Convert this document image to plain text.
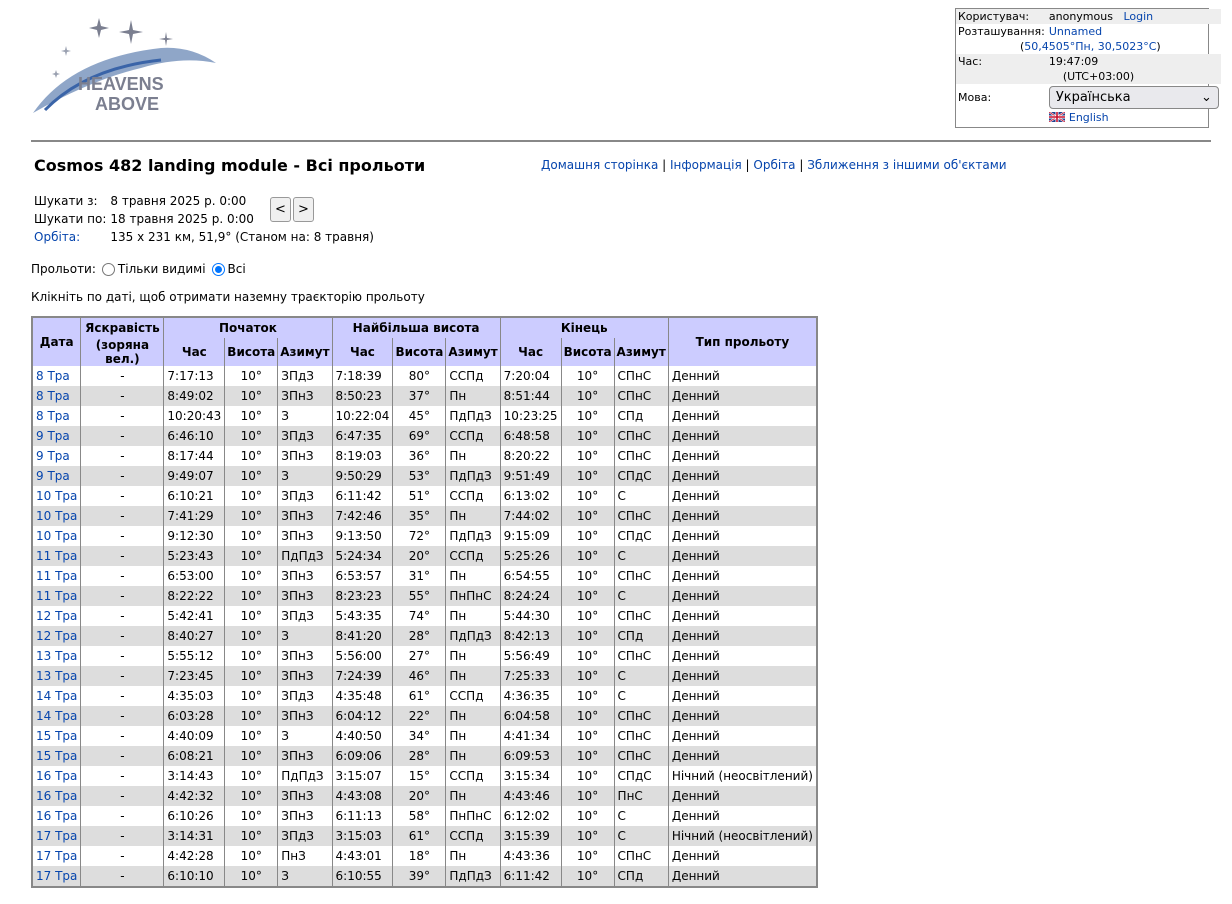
HEAVENS
ABOVE
Користувач:	anonymous Login
Розташування:	Unnamed
(50,4505°Пн, 30,5023°С)	
Час:	19:47:09
	(UTC+03:00)
Мова:	Українська ⌄

	English
Cosmos 482 landing module - Всі прольоти	Домашня сторінка | Інформація | Орбіта | Зближення з іншими об'єктами
Шукати з:	8 травня 2025 р. 0:00
Шукати по:	18 травня 2025 р. 0:00
Орбіта:	135 x 231 км, 51,9° (Станом на: 8 травня)
< >
Прольоти: Тільки видимі Всі
Клікніть по даті, щоб отримати наземну траєкторію прольоту
Дата	Яскравість	Початок			Найбільша висота			Кінець			Тип прольоту
	(зоряна вел.)	Час	Висота	Азимут	Час	Висота	Азимут	Час	Висота	Азимут	
8 Тра	-	7:17:13	10°	ЗПдЗ	7:18:39	80°	ССПд	7:20:04	10°	СПнС	Денний
8 Тра	-	8:49:02	10°	ЗПнЗ	8:50:23	37°	Пн	8:51:44	10°	СПнС	Денний
8 Тра	-	10:20:43	10°	З	10:22:04	45°	ПдПдЗ	10:23:25	10°	СПд	Денний
9 Тра	-	6:46:10	10°	ЗПдЗ	6:47:35	69°	ССПд	6:48:58	10°	СПнС	Денний
9 Тра	-	8:17:44	10°	ЗПнЗ	8:19:03	36°	Пн	8:20:22	10°	СПнС	Денний
9 Тра	-	9:49:07	10°	З	9:50:29	53°	ПдПдЗ	9:51:49	10°	СПдС	Денний
10 Тра	-	6:10:21	10°	ЗПдЗ	6:11:42	51°	ССПд	6:13:02	10°	С	Денний
10 Тра	-	7:41:29	10°	ЗПнЗ	7:42:46	35°	Пн	7:44:02	10°	СПнС	Денний
10 Тра	-	9:12:30	10°	ЗПнЗ	9:13:50	72°	ПдПдЗ	9:15:09	10°	СПдС	Денний
11 Тра	-	5:23:43	10°	ПдПдЗ	5:24:34	20°	ССПд	5:25:26	10°	С	Денний
11 Тра	-	6:53:00	10°	ЗПнЗ	6:53:57	31°	Пн	6:54:55	10°	СПнС	Денний
11 Тра	-	8:22:22	10°	ЗПнЗ	8:23:23	55°	ПнПнС	8:24:24	10°	С	Денний
12 Тра	-	5:42:41	10°	ЗПдЗ	5:43:35	74°	Пн	5:44:30	10°	СПнС	Денний
12 Тра	-	8:40:27	10°	З	8:41:20	28°	ПдПдЗ	8:42:13	10°	СПд	Денний
13 Тра	-	5:55:12	10°	ЗПнЗ	5:56:00	27°	Пн	5:56:49	10°	СПнС	Денний
13 Тра	-	7:23:45	10°	ЗПнЗ	7:24:39	46°	Пн	7:25:33	10°	С	Денний
14 Тра	-	4:35:03	10°	ЗПдЗ	4:35:48	61°	ССПд	4:36:35	10°	С	Денний
14 Тра	-	6:03:28	10°	ЗПнЗ	6:04:12	22°	Пн	6:04:58	10°	СПнС	Денний
15 Тра	-	4:40:09	10°	З	4:40:50	34°	Пн	4:41:34	10°	СПнС	Денний
15 Тра	-	6:08:21	10°	ЗПнЗ	6:09:06	28°	Пн	6:09:53	10°	СПнС	Денний
16 Тра	-	3:14:43	10°	ПдПдЗ	3:15:07	15°	ССПд	3:15:34	10°	СПдС	Нічний (неосвітлений)
16 Тра	-	4:42:32	10°	ЗПнЗ	4:43:08	20°	Пн	4:43:46	10°	ПнС	Денний
16 Тра	-	6:10:26	10°	ЗПнЗ	6:11:13	58°	ПнПнС	6:12:02	10°	С	Денний
17 Тра	-	3:14:31	10°	ЗПдЗ	3:15:03	61°	ССПд	3:15:39	10°	С	Нічний (неосвітлений)
17 Тра	-	4:42:28	10°	ПнЗ	4:43:01	18°	Пн	4:43:36	10°	СПнС	Денний
17 Тра	-	6:10:10	10°	З	6:10:55	39°	ПдПдЗ	6:11:42	10°	СПд	Денний
